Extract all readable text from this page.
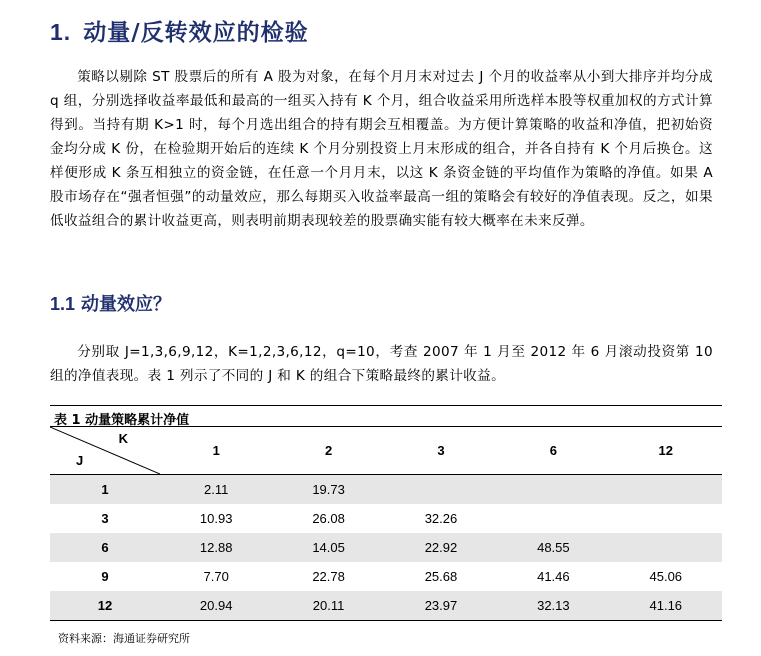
1. 动量/反转效应的检验
策略以剔除 ST 股票后的所有 A 股为对象，在每个月月末对过去 J 个月的收益率从小到大排序并均分成 q 组，分别选择收益率最低和最高的一组买入持有 K 个月，组合收益采用所选样本股等权重加权的方式计算得到。当持有期 K>1 时，每个月选出组合的持有期会互相覆盖。为方便计算策略的收益和净值，把初始资金均分成 K 份，在检验期开始后的连续 K 个月分别投资上月末形成的组合，并各自持有 K 个月后换仓。这样便形成 K 条互相独立的资金链，在任意一个月月末，以这 K 条资金链的平均值作为策略的净值。如果 A 股市场存在“强者恒强”的动量效应，那么每期买入收益率最高一组的策略会有较好的净值表现。反之，如果低收益组合的累计收益更高，则表明前期表现较差的股票确实能有较大概率在未来反弹。
1.1 动量效应？
分别取 J=1,3,6,9,12，K=1,2,3,6,12，q=10，考查 2007 年 1 月至 2012 年 6 月滚动投资第 10 组的净值表现。表 1 列示了不同的 J 和 K 的组合下策略最终的累计收益。
表 1 动量策略累计净值
K
J	1	2	3	6	12
1	2.11	19.73			
3	10.93	26.08	32.26		
6	12.88	14.05	22.92	48.55	
9	7.70	22.78	25.68	41.46	45.06
12	20.94	20.11	23.97	32.13	41.16
资料来源：海通证券研究所
